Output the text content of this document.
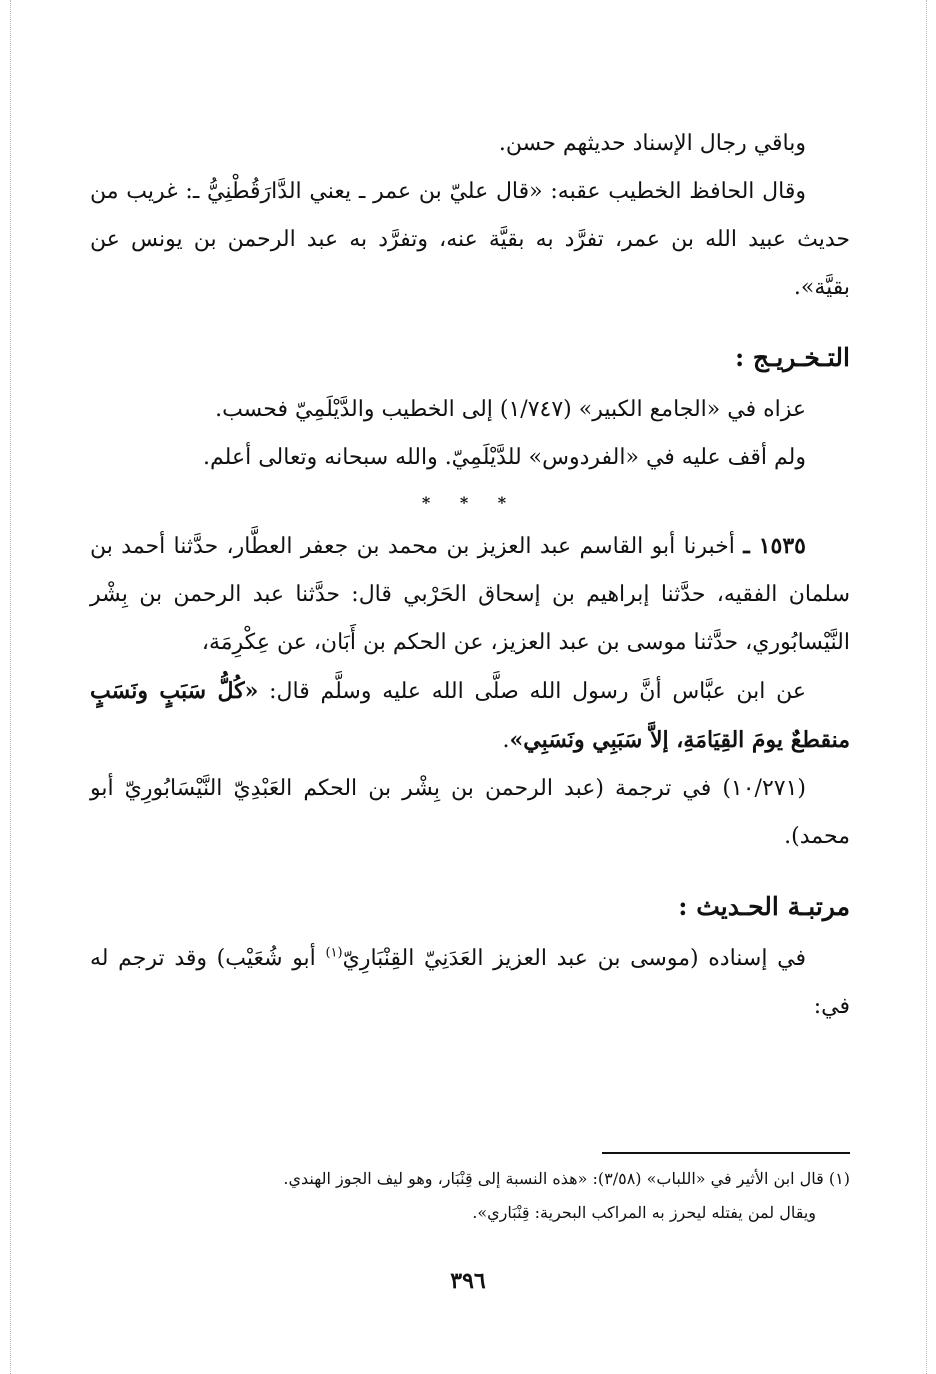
وباقي رجال الإسناد حديثهم حسن.

وقال الحافظ الخطيب عقبه: «قال عليّ بن عمر ـ يعني الدَّارَقُطْنِيُّ ـ: غريب من حديث عبيد الله بن عمر، تفرَّد به بقيَّة عنه، وتفرَّد به عبد الرحمن بن يونس عن بقيَّة».

التـخـريـج :

عزاه في «الجامع الكبير» (١/٧٤٧) إلى الخطيب والدَّيْلَمِيّ فحسب.

ولم أقف عليه في «الفردوس» للدَّيْلَمِيّ. والله سبحانه وتعالى أعلم.

* * *

١٥٣٥ ـ أخبرنا أبو القاسم عبد العزيز بن محمد بن جعفر العطَّار، حدَّثنا أحمد بن سلمان الفقيه، حدَّثنا إبراهيم بن إسحاق الحَرْبي قال: حدَّثنا عبد الرحمن بن بِشْر النَّيْسابُوري، حدَّثنا موسى بن عبد العزيز، عن الحكم بن أَبَان، عن عِكْرِمَة،

عن ابن عبَّاس أنَّ رسول الله صلَّى الله عليه وسلَّم قال: «كُلُّ سَبَبٍ ونَسَبٍ منقطعٌ يومَ القِيَامَةِ، إلاَّ سَبَبِي ونَسَبِي».

(١٠/٢٧١) في ترجمة (عبد الرحمن بن بِشْر بن الحكم العَبْدِيّ النَّيْسَابُورِيّ أبو محمد).

مرتبـة الحـديث :

في إسناده (موسى بن عبد العزيز العَدَنِيّ القِنْبَارِيّ$^{(١)}$ أبو شُعَيْب) وقد ترجم له في:

(١) قال ابن الأثير في «اللباب» (٣/٥٨): «هذه النسبة إلى قِنْبَار، وهو ليف الجوز الهندي.

ويقال لمن يفتله ليحرز به المراكب البحرية: قِنْبَاري».

٣٩٦
